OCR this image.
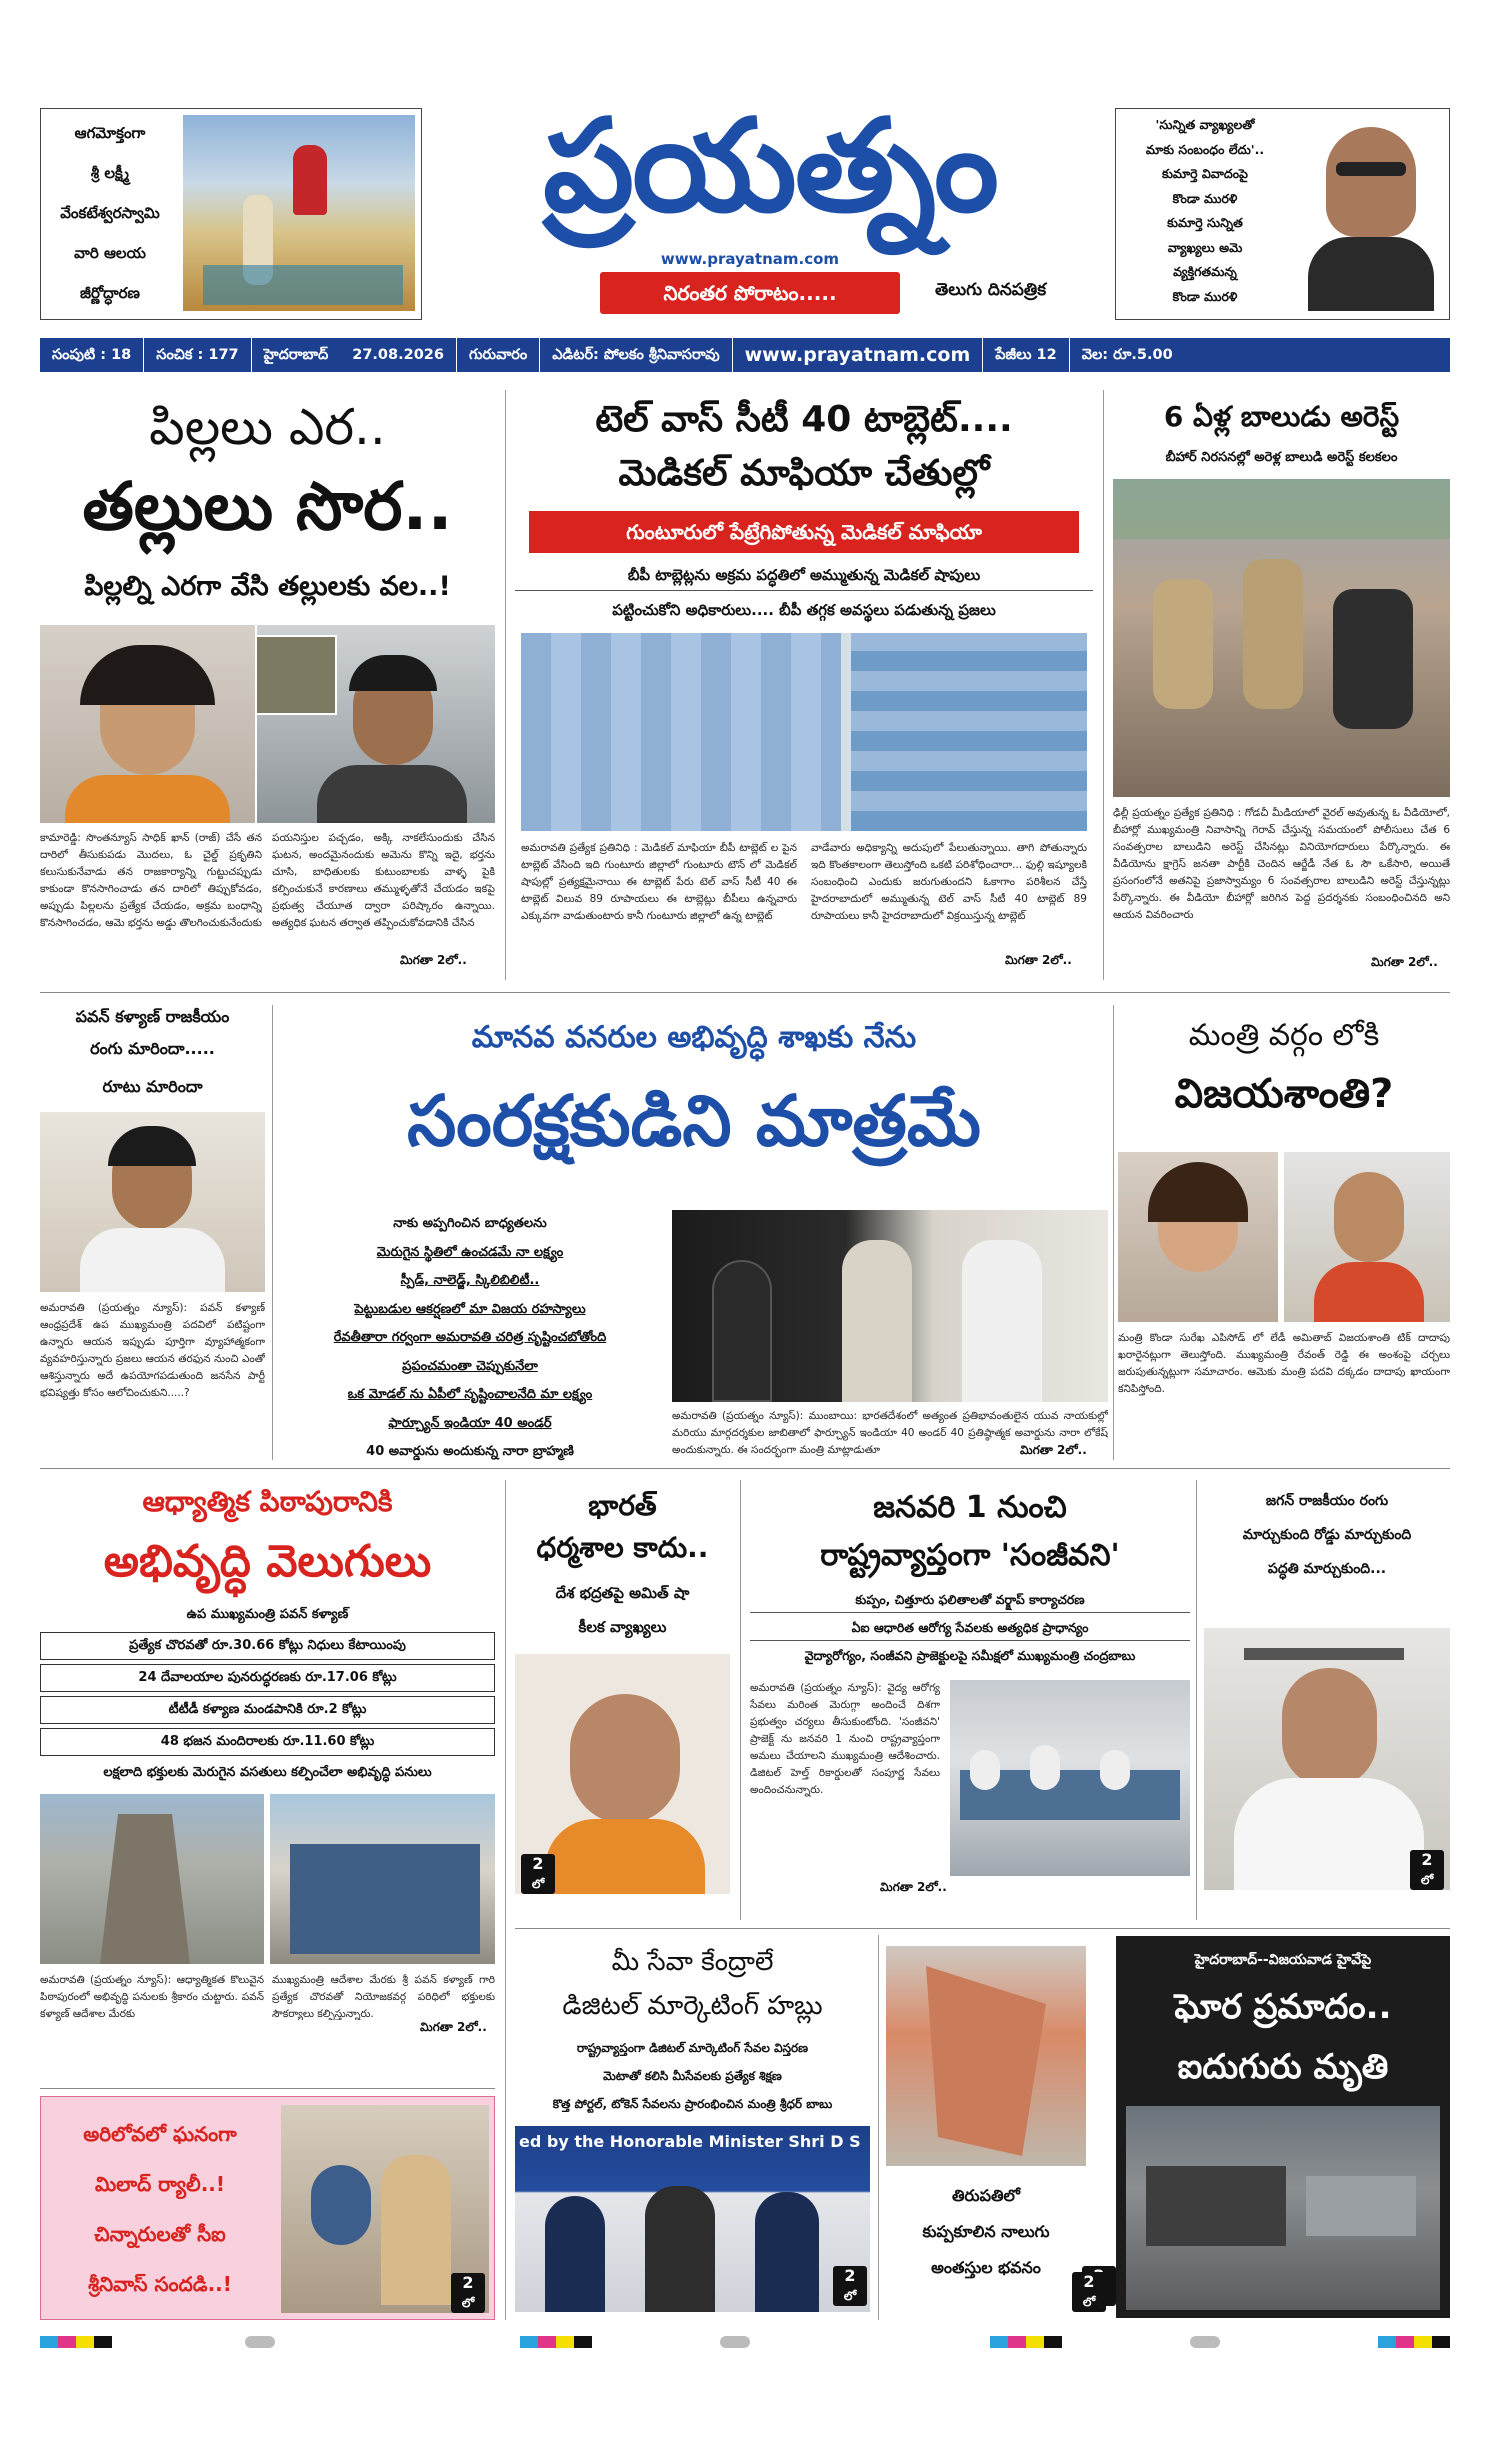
ఆగమోక్తంగా
శ్రీ లక్ష్మీ
వేంకటేశ్వరస్వామి
వారి ఆలయ
జీర్ణోద్ధారణ
ప్రయత్నం
www.prayatnam.com
నిరంతర పోరాటం.....	తెలుగు దినపత్రిక
'సున్నిత వ్యాఖ్యలతో
మాకు సంబంధం లేదు'..
కుమార్తె వివాదంపై
కొండా మురళి
కుమార్తె సున్నిత
వ్యాఖ్యలు అమె
వ్యక్తిగతమన్న
కొండా మురళి
సంపుటి : 18	సంచిక : 177	హైదరాబాద్	27.08.2026	గురువారం	ఎడిటర్: పోలకం శ్రీనివాసరావు	www.prayatnam.com	పేజీలు 12	వెల: రూ.5.00
పిల్లలు ఎర..
తల్లులు సొర..
పిల్లల్ని ఎరగా వేసి తల్లులకు వల..!
కామారెడ్డి: సొంతన్యూస్ సాధిక్ ఖాన్ (రాజ్) చేసే తన దారిలో తీసుకుపడు మొదలు, ఓ చైల్డ్ ప్రకృతిని కలుసుకునేవాడు తన రాజకార్యాన్ని గుట్టుచప్పుడు కాకుండా కొనసాగించాడు తన దారిలో తిప్పుకోవడం, అప్పుడు పిల్లలను ప్రత్యేక చేయడం, అక్రమ బంధాన్ని కొనసాగించడం, ఆమె భర్తను అడ్డు తొలగించుకునేందుకు
పయనిస్తుల పచ్చడం, అక్కి నాకలేసుందుకు చేసిన ఘటన, అందమైనందుకు అమెను కొన్ని ఇదై, భర్తను చూసి, బాధితులకు కుటుంబాలకు వాళ్ళ పైకి కల్పించుకునే కారణాలు తమ్ముళ్ళతోనే చేయడం ఇకపై ప్రభుత్వ చేయూత ద్వారా పరిష్కారం ఉన్నాయి. అత్యధిక ఘటన తర్వాత తప్పించుకోవడానికి చేసిన
మిగతా 2లో..
టెల్ వాస్ సీటీ 40 టాబ్లెట్....
మెడికల్ మాఫియా చేతుల్లో
గుంటూరులో పేట్రేగిపోతున్న మెడికల్ మాఫియా
బీపీ టాబ్లెట్లను అక్రమ పద్ధతిలో అమ్ముతున్న మెడికల్ షాపులు
పట్టించుకోని అధికారులు.... బీపీ తగ్గక అవస్థలు పడుతున్న ప్రజలు
అమరావతి ప్రత్యేక ప్రతినిధి : మెడికల్ మాఫియా బీపీ టాబ్లెట్ ల పైన టాబ్లెట్ వేసింది ఇది గుంటూరు జిల్లాలో గుంటూరు టౌన్ లో మెడికల్ షాపుల్లో ప్రత్యక్షమైనాయి ఈ టాబ్లెట్ పేరు టెల్ వాస్ సీటీ 40 ఈ టాబ్లెట్ విలువ 89 రూపాయలు ఈ టాబ్లెట్లు బీపీలు ఉన్నవారు ఎక్కువగా వాడుతుంటారు కానీ గుంటూరు జిల్లాలో ఉన్న టాబ్లెట్
వాడేవారు అధిక్యాన్ని అదుపులో పేలుతున్నాయి. తాగి పోతున్నారు ఇది కొంతకాలంగా తెలుస్తోంది ఒకటి పరిశోధించారా... ఫుల్గి ఇష్యూలకి సంబంధించి ఎందుకు జరుగుతుందని ఓకాగాం పరిశీలన చేస్తే హైదరాబాదులో అమ్ముతున్న టెల్ వాస్ సీటీ 40 టాబ్లెట్ 89 రూపాయలు కానీ హైదరాబాదులో విక్రయిస్తున్న టాబ్లెట్
మిగతా 2లో..
6 ఏళ్ల బాలుడు అరెస్ట్
బీహార్ నిరసనల్లో అరెళ్ల బాలుడి అరెస్ట్ కలకలం
ఢిల్లీ ప్రయత్నం ప్రత్యేక ప్రతినిధి : గోడచీ మీడియాలో వైరల్ అవుతున్న ఓ వీడియోలో, బీహార్లో ముఖ్యమంత్రి నివాసాన్ని గెరావ్ చేస్తున్న సమయంలో పోలీసులు చేత 6 సంవత్సరాల బాలుడిని అరెస్ట్ చేసినట్లు వినియోగదారులు పేర్కొన్నారు. ఈ వీడియోను క్షాగ్రెస్ జనతా పార్టీకి చెందిన ఆర్జేడీ నేత ఓ సౌ ఒకేసారి, అయితే ప్రసంగంలోనే అతనిపై ప్రజాస్వామ్యం 6 సంవత్సరాల బాలుడిని అరెస్ట్ చేస్తున్నట్లు పేర్కొన్నారు. ఈ వీడియో బీహార్లో జరిగిన పెద్ద ప్రదర్శనకు సంబంధించినది అని ఆయన వివరించారు
మిగతా 2లో..
పవన్ కళ్యాణ్ రాజకీయం
రంగు మారిందా.....
రూటు మారిందా
అమరావతి (ప్రయత్నం న్యూస్): పవన్ కళ్యాణ్ ఆంధ్రప్రదేశ్ ఉప ముఖ్యమంత్రి పదవిలో పటిష్టంగా ఉన్నారు ఆయన ఇప్పుడు పూర్తిగా వ్యూహాత్మకంగా వ్యవహరిస్తున్నారు ప్రజలు ఆయన తరఫున నుంచి ఎంతో ఆశిస్తున్నారు అదే ఉపయోగపడుతుంది జనసేన పార్టీ భవిష్యత్తు కోసం ఆలోచించుకుని.....?
మానవ వనరుల అభివృద్ధి శాఖకు నేను
సంరక్షకుడిని మాత్రమే
నాకు అప్పగించిన బాధ్యతలను
మెరుగైన స్థితిలో ఉంచడమే నా లక్ష్యం
స్పీడ్, నాలెడ్జ్, స్కిలిబిలిటీ..
పెట్టుబడుల ఆకర్షణలో మా విజయ రహస్యాలు
రేవతీతారా గర్వంగా అమరావతి చరిత్ర సృష్టించబోతోంది
ప్రపంచమంతా చెప్పుకునేలా
ఒక మోడల్ ను ఏపీలో సృష్టించాలనేది మా లక్ష్యం
ఫార్చ్యూన్ ఇండియా 40 అండర్
40 అవార్డును అందుకున్న నారా బ్రాహ్మణి
అమరావతి (ప్రయత్నం న్యూస్): ముంబాయి: భారతదేశంలో అత్యంత ప్రతిభావంతులైన యువ నాయకుల్లో మరియు మార్గదర్శకుల జాబితాలో ఫార్చ్యూన్ ఇండియా 40 అండర్ 40 ప్రతిష్ఠాత్మక అవార్డును నారా లోకేష్ అందుకున్నారు. ఈ సందర్భంగా మంత్రి మాట్లాడుతూ	మిగతా 2లో..
మంత్రి వర్గం లోకి
విజయశాంతి?
మంత్రి కొండా సురేఖ ఎపిసోడ్ లో లేడీ అమితాబ్ విజయశాంతి టిక్ దాదాపు ఖరారైనట్లుగా తెలుస్తోంది. ముఖ్యమంత్రి రేవంత్ రెడ్డి ఈ అంశంపై చర్చలు జరుపుతున్నట్లుగా సమాచారం. ఆమెకు మంత్రి పదవి దక్కడం దాదాపు ఖాయంగా కనిపిస్తోంది.
ఆధ్యాత్మిక పిఠాపురానికి
అభివృద్ధి వెలుగులు
ఉప ముఖ్యమంత్రి పవన్ కళ్యాణ్
ప్రత్యేక చొరవతో రూ.30.66 కోట్లు నిధులు కేటాయింపు
24 దేవాలయాల పునరుద్ధరణకు రూ.17.06 కోట్లు
టీటీడీ కళ్యాణ మండపానికి రూ.2 కోట్లు
48 భజన మందిరాలకు రూ.11.60 కోట్లు
లక్షలాది భక్తులకు మెరుగైన వసతులు కల్పించేలా అభివృద్ధి పనులు
అమరావతి (ప్రయత్నం న్యూస్): ఆధ్యాత్మికత కొలువైన పిఠాపురంలో అభివృద్ధి పనులకు శ్రీకారం చుట్టారు. పవన్ కళ్యాణ్ ఆదేశాల మేరకు
ముఖ్యమంత్రి ఆదేశాల మేరకు శ్రీ పవన్ కళ్యాణ్ గారి ప్రత్యేక చొరవతో నియోజకవర్గ పరిధిలో భక్తులకు సౌకర్యాలు కల్పిస్తున్నారు.
మిగతా 2లో..
భారత్
ధర్మశాల కాదు..
దేశ భద్రతపై అమిత్ షా
కీలక వ్యాఖ్యలు
2
లో
జనవరి 1 నుంచి
రాష్ట్రవ్యాప్తంగా 'సంజీవని'
కుప్పం, చిత్తూరు ఫలితాలతో వర్క్షాప్ కార్యాచరణ
ఏఐ ఆధారిత ఆరోగ్య సేవలకు అత్యధిక ప్రాధాన్యం
వైద్యారోగ్యం, సంజీవని ప్రాజెక్టులపై సమీక్షలో ముఖ్యమంత్రి చంద్రబాబు
అమరావతి (ప్రయత్నం న్యూస్): వైద్య ఆరోగ్య సేవలు మరింత మెరుగ్గా అందించే దిశగా ప్రభుత్వం చర్యలు తీసుకుంటోంది. 'సంజీవని' ప్రాజెక్ట్ ను జనవరి 1 నుంచి రాష్ట్రవ్యాప్తంగా అమలు చేయాలని ముఖ్యమంత్రి ఆదేశించారు. డిజిటల్ హెల్త్ రికార్డులతో సంపూర్ణ సేవలు అందించనున్నారు.
మిగతా 2లో..
జగన్ రాజకీయం రంగు
మార్చుకుంది రోడ్డు మార్చుకుంది
పద్ధతి మార్చుకుంది...
2
లో
అరిలోవలో ఘనంగా
మిలాద్ ర్యాలీ..!
చిన్నారులతో సీఐ
శ్రీనివాస్ సందడి..!	2
లో
మీ సేవా కేంద్రాలే
డిజిటల్ మార్కెటింగ్ హబ్లు
రాష్ట్రవ్యాప్తంగా డిజిటల్ మార్కెటింగ్ సేవల విస్తరణ
మెటాతో కలిసి మీసేవలకు ప్రత్యేక శిక్షణ
కొత్త పోర్టల్, టోకెన్ సేవలను ప్రారంభించిన మంత్రి శ్రీధర్ బాబు
ed by the Honorable Minister Shri D S
2
లో
తిరుపతిలో
కుప్పకూలిన నాలుగు
అంతస్తుల భవనం
హైదరాబాద్--విజయవాడ హైవేపై
ఘోర ప్రమాదం..
ఐదుగురు మృతి
2
లో
